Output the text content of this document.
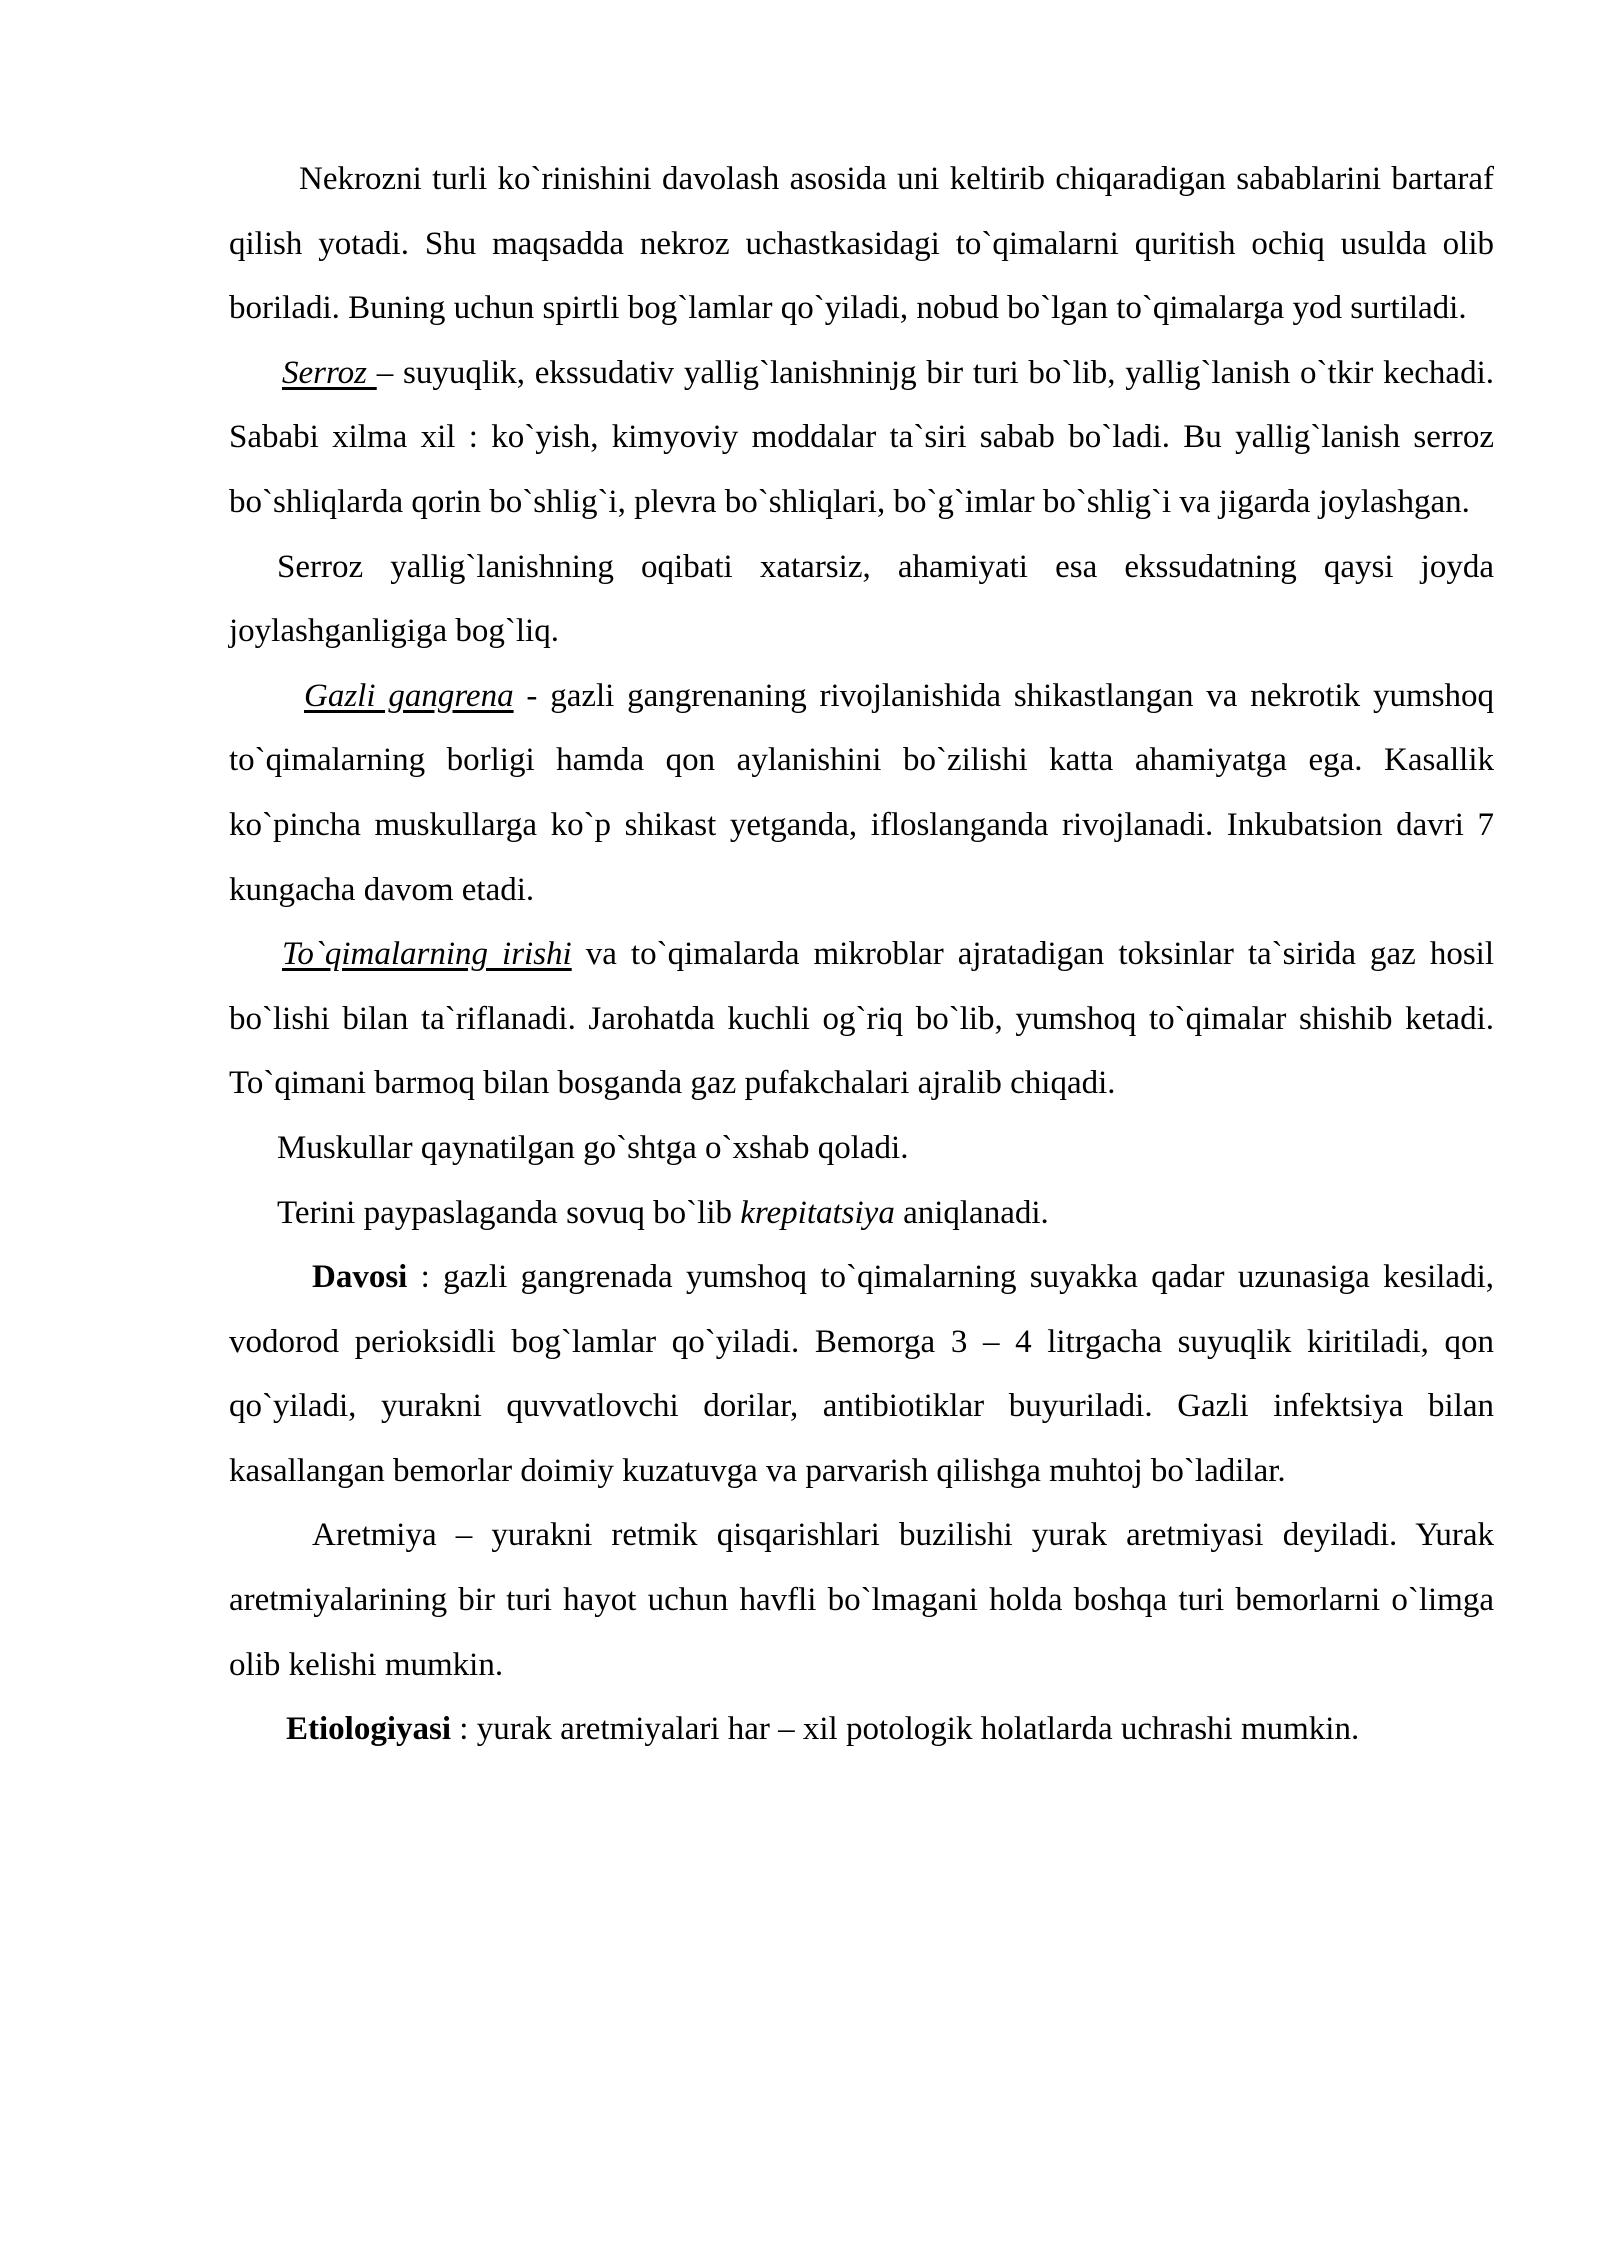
Nekrozni turli ko`rinishini davolash asosida uni keltirib chiqaradigan sabablarini bartaraf qilish yotadi. Shu maqsadda nekroz uchastkasidagi to`qimalarni quritish ochiq usulda olib boriladi. Buning uchun spirtli bog`lamlar qo`yiladi, nobud bo`lgan to`qimalarga yod surtiladi.

Serroz – suyuqlik, ekssudativ yallig`lanishninjg bir turi bo`lib, yallig`lanish o`tkir kechadi. Sababi xilma xil : ko`yish, kimyoviy moddalar ta`siri sabab bo`ladi. Bu yallig`lanish serroz bo`shliqlarda qorin bo`shlig`i, plevra bo`shliqlari, bo`g`imlar bo`shlig`i va jigarda joylashgan.

Serroz yallig`lanishning oqibati xatarsiz, ahamiyati esa ekssudatning qaysi joyda joylashganligiga bog`liq.

Gazli gangrena - gazli gangrenaning rivojlanishida shikastlangan va nekrotik yumshoq to`qimalarning borligi hamda qon aylanishini bo`zilishi katta ahamiyatga ega. Kasallik ko`pincha muskullarga ko`p shikast yetganda, ifloslanganda rivojlanadi. Inkubatsion davri 7 kungacha davom etadi.

To`qimalarning irishi va to`qimalarda mikroblar ajratadigan toksinlar ta`sirida gaz hosil bo`lishi bilan ta`riflanadi. Jarohatda kuchli og`riq bo`lib, yumshoq to`qimalar shishib ketadi. To`qimani barmoq bilan bosganda gaz pufakchalari ajralib chiqadi.

Muskullar qaynatilgan go`shtga o`xshab qoladi.

Terini paypaslaganda sovuq bo`lib krepitatsiya aniqlanadi.

Davosi : gazli gangrenada yumshoq to`qimalarning suyakka qadar uzunasiga kesiladi, vodorod perioksidli bog`lamlar qo`yiladi. Bemorga 3 – 4 litrgacha suyuqlik kiritiladi, qon qo`yiladi, yurakni quvvatlovchi dorilar, antibiotiklar buyuriladi. Gazli infektsiya bilan kasallangan bemorlar doimiy kuzatuvga va parvarish qilishga muhtoj bo`ladilar.

Aretmiya – yurakni retmik qisqarishlari buzilishi yurak aretmiyasi deyiladi. Yurak aretmiyalarining bir turi hayot uchun havfli bo`lmagani holda boshqa turi bemorlarni o`limga olib kelishi mumkin.

Etiologiyasi : yurak aretmiyalari har – xil potologik holatlarda uchrashi mumkin.
